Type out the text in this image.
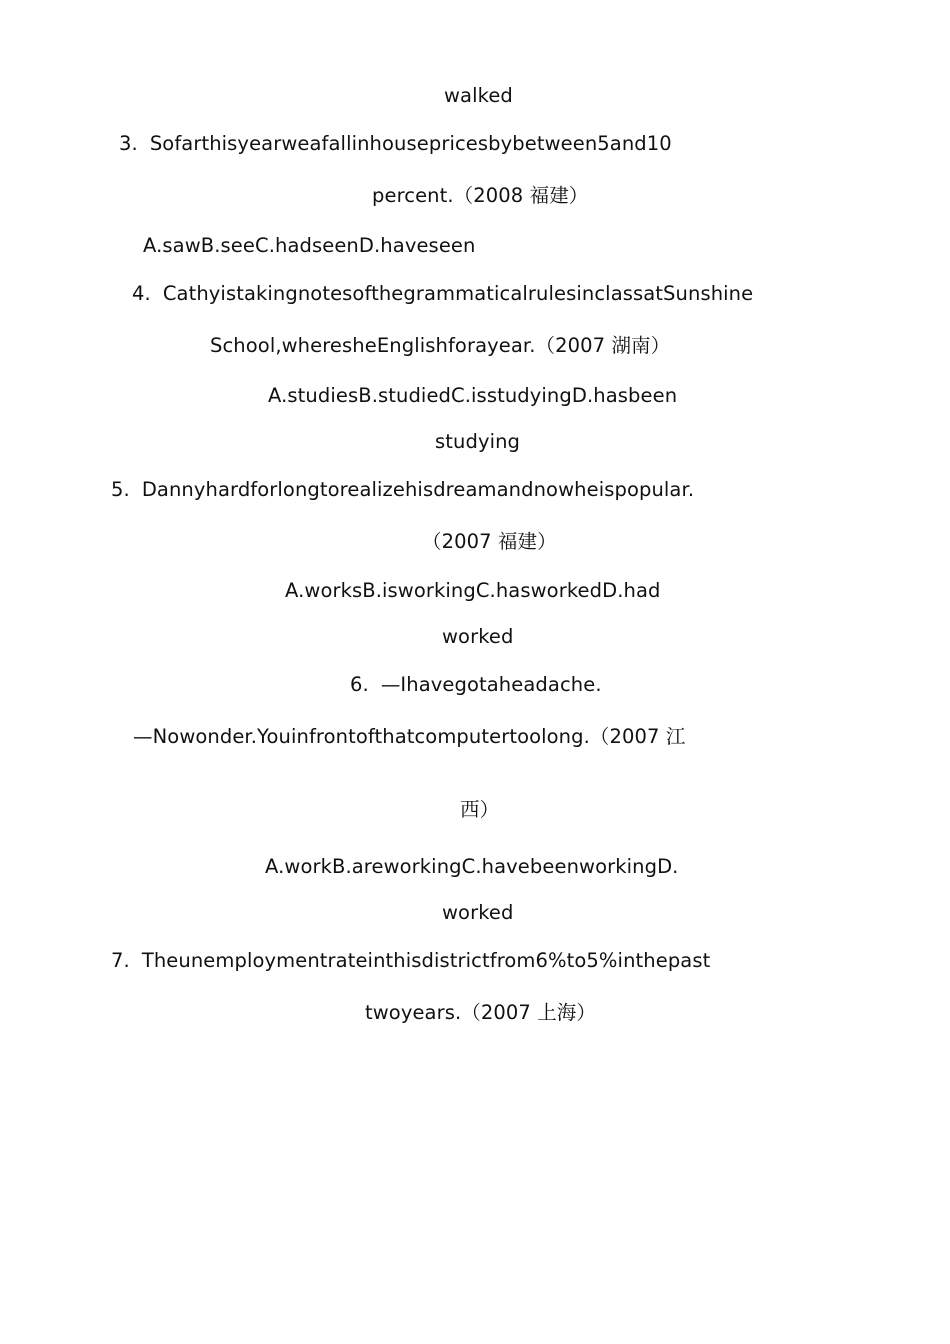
walked
3. Sofarthisyearweafallinhousepricesbybetween5and10
percent.（2008 福建）
A.sawB.seeC.hadseenD.haveseen
4. CathyistakingnotesofthegrammaticalrulesinclassatSunshine
School,wheresheEnglishforayear.（2007 湖南）
A.studiesB.studiedC.isstudyingD.hasbeen
studying
5. Dannyhardforlongtorealizehisdreamandnowheispopular.
（2007 福建）
A.worksB.isworkingC.hasworkedD.had
worked
6. —Ihavegotaheadache.
—Nowonder.Youinfrontofthatcomputertoolong.（2007 江
西）
A.workB.areworkingC.havebeenworkingD.
worked
7. Theunemploymentrateinthisdistrictfrom6%to5%inthepast
twoyears.（2007 上海）
